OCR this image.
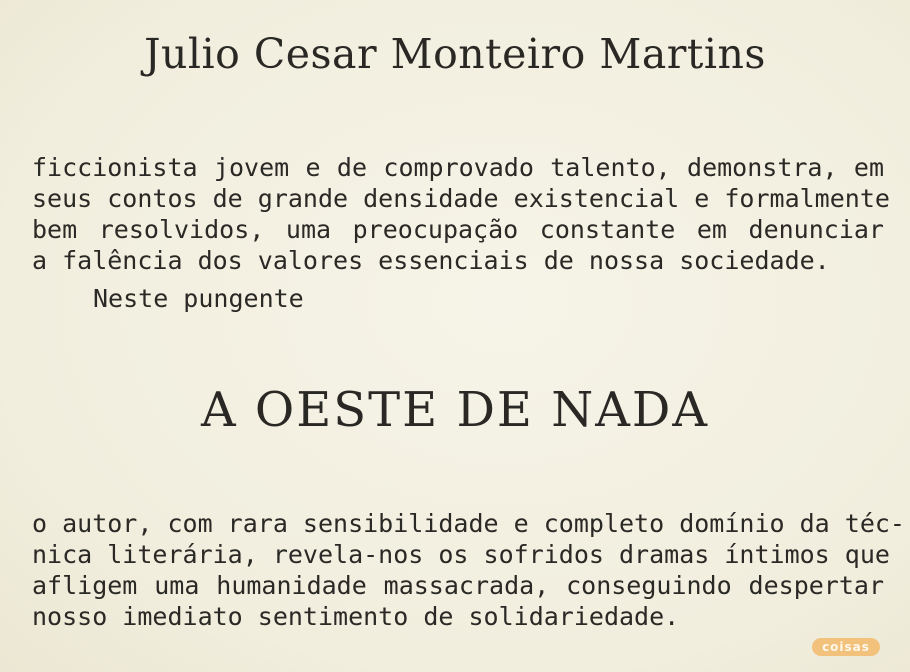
Julio Cesar Monteiro Martins
ficcionista jovem e de comprovado talento, demonstra, em
seus contos de grande densidade existencial e formalmente
bem resolvidos, uma preocupação constante em denunciar
a falência dos valores essenciais de nossa sociedade.
Neste pungente
A OESTE DE NADA
o autor, com rara sensibilidade e completo domínio da téc-
nica literária, revela-nos os sofridos dramas íntimos que
afligem uma humanidade massacrada, conseguindo despertar
nosso imediato sentimento de solidariedade.
coisas
